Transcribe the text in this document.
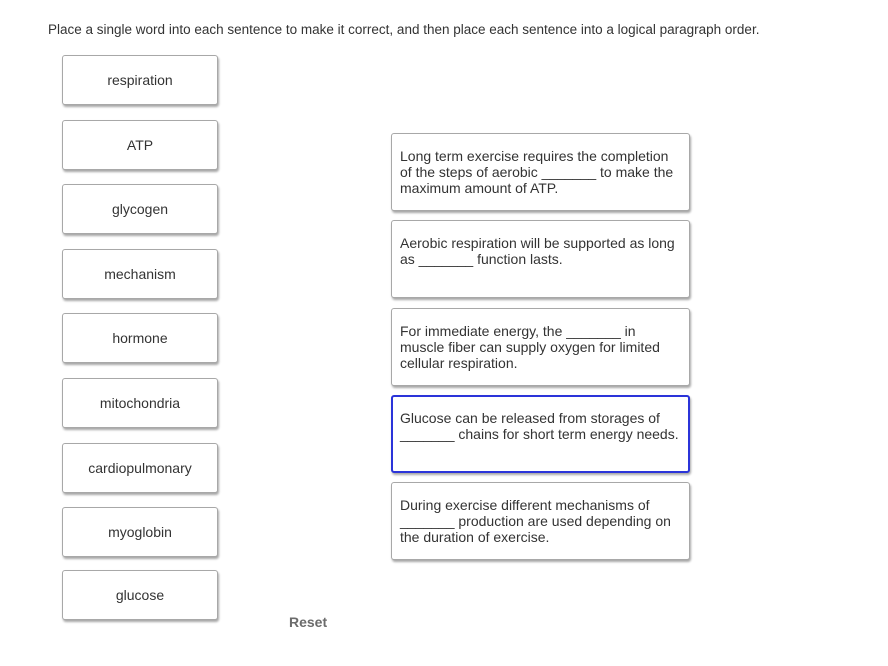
Place a single word into each sentence to make it correct, and then place each sentence into a logical paragraph order.
respiration
ATP
glycogen
mechanism
hormone
mitochondria
cardiopulmonary
myoglobin
glucose
Long term exercise requires the completion of the steps of aerobic _______ to make the maximum amount of ATP.
Aerobic respiration will be supported as long as _______ function lasts.
For immediate energy, the _______ in muscle fiber can supply oxygen for limited cellular respiration.
Glucose can be released from storages of _______ chains for short term energy needs.
During exercise different mechanisms of _______ production are used depending on the duration of exercise.
Reset
